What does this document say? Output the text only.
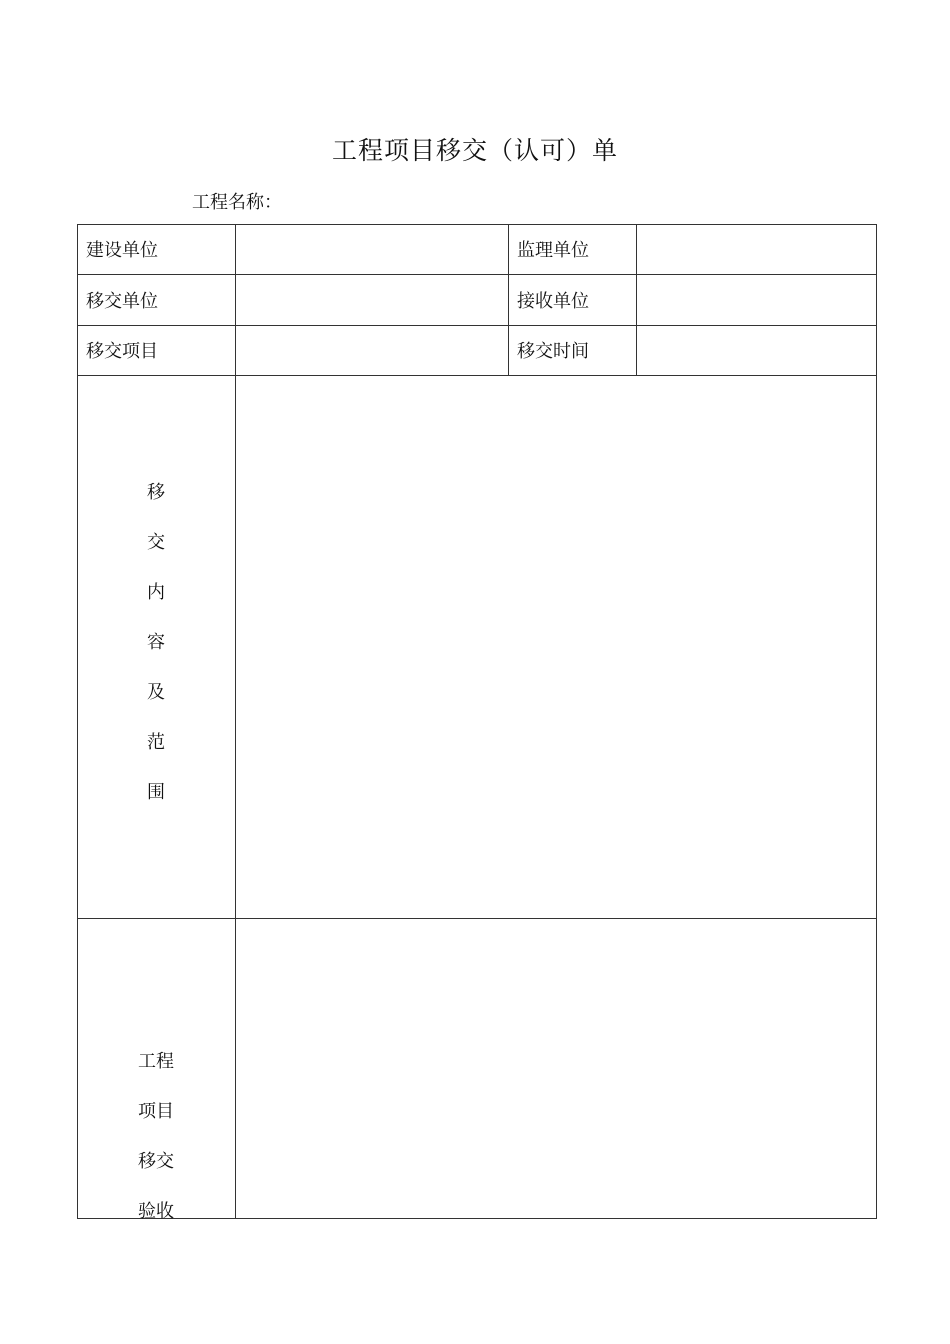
工程项目移交（认可）单
工程名称：
建设单位	监理单位
移交单位	接收单位
移交项目	移交时间
移
交
内
容
及
范
围
工程
项目
移交
验收
